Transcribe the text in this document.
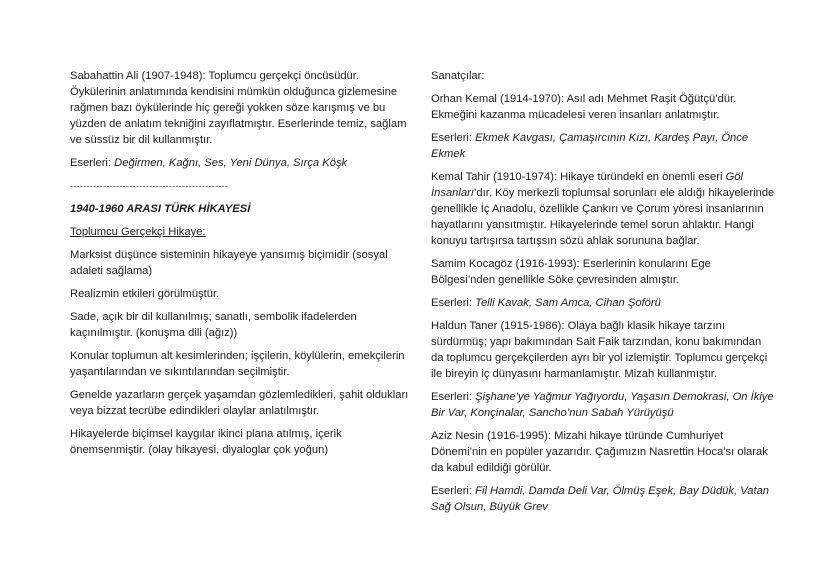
Sabahattin Ali (1907-1948): Toplumcu gerçekçi öncüsüdür. Öykülerinin anlatımında kendisini mümkün olduğunca gizlemesine rağmen bazı öykülerinde hiç gereği yokken söze karışmış ve bu yüzden de anlatım tekniğini zayıflatmıştır. Eserlerinde temiz, sağlam ve süssüz bir dil kullanmıştır.

Eserleri: Değirmen, Kağnı, Ses, Yeni Dünya, Sırça Köşk

------------------------------------------------

1940-1960 ARASI TÜRK HİKAYESİ

Toplumcu Gerçekçi Hikaye:

Marksist düşünce sisteminin hikayeye yansımış biçimidir (sosyal adaleti sağlama)

Realizmin etkileri görülmüştür.

Sade, açık bir dil kullanılmış; sanatlı, sembolik ifadelerden kaçınılmıştır. (konuşma dili (ağız))

Konular toplumun alt kesimlerinden; işçilerin, köylülerin, emekçilerin yaşantılarından ve sıkıntılarından seçilmiştir.

Genelde yazarların gerçek yaşamdan gözlemledikleri, şahit oldukları veya bizzat tecrübe edindikleri olaylar anlatılmıştır.

Hikayelerde biçimsel kaygılar ikinci plana atılmış, içerik önemsenmiştir. (olay hikayesi, diyaloglar çok yoğun)

Sanatçılar:

Orhan Kemal (1914-1970): Asıl adı Mehmet Raşit Öğütçü’dür. Ekmeğini kazanma mücadelesi veren insanları anlatmıştır.

Eserleri: Ekmek Kavgası, Çamaşırcının Kızı, Kardeş Payı, Önce Ekmek

Kemal Tahir (1910-1974): Hikaye türündeki en önemli eseri Göl İnsanları’dır. Köy merkezli toplumsal sorunları ele aldığı hikayelerinde genellikle İç Anadolu, özellikle Çankırı ve Çorum yöresi insanlarının hayatlarını yansıtmıştır. Hikayelerinde temel sorun ahlaktır. Hangi konuyu tartışırsa tartışsın sözü ahlak sorununa bağlar.

Samim Kocagöz (1916-1993): Eserlerinin konularını Ege Bölgesi’nden genellikle Söke çevresinden almıştır.

Eserleri: Telli Kavak, Sam Amca, Cihan Şoförü

Haldun Taner (1915-1986): Olaya bağlı klasik hikaye tarzını sürdürmüş; yapı bakımından Sait Faik tarzından, konu bakımından da toplumcu gerçekçilerden ayrı bir yol izlemiştir. Toplumcu gerçekçi ile bireyin iç dünyasını harmanlamıştır. Mizah kullanmıştır.

Eserleri: Şişhane’ye Yağmur Yağıyordu, Yaşasın Demokrasi, On İkiye Bir Var, Konçinalar, Sancho’nun Sabah Yürüyüşü

Aziz Nesin (1916-1995): Mizahi hikaye türünde Cumhuriyet Dönemi’nin en popüler yazarıdır. Çağımızın Nasrettin Hoca’sı olarak da kabul edildiği görülür.

Eserleri: Fil Hamdi, Damda Deli Var, Ölmüş Eşek, Bay Düdük, Vatan Sağ Olsun, Büyük Grev
